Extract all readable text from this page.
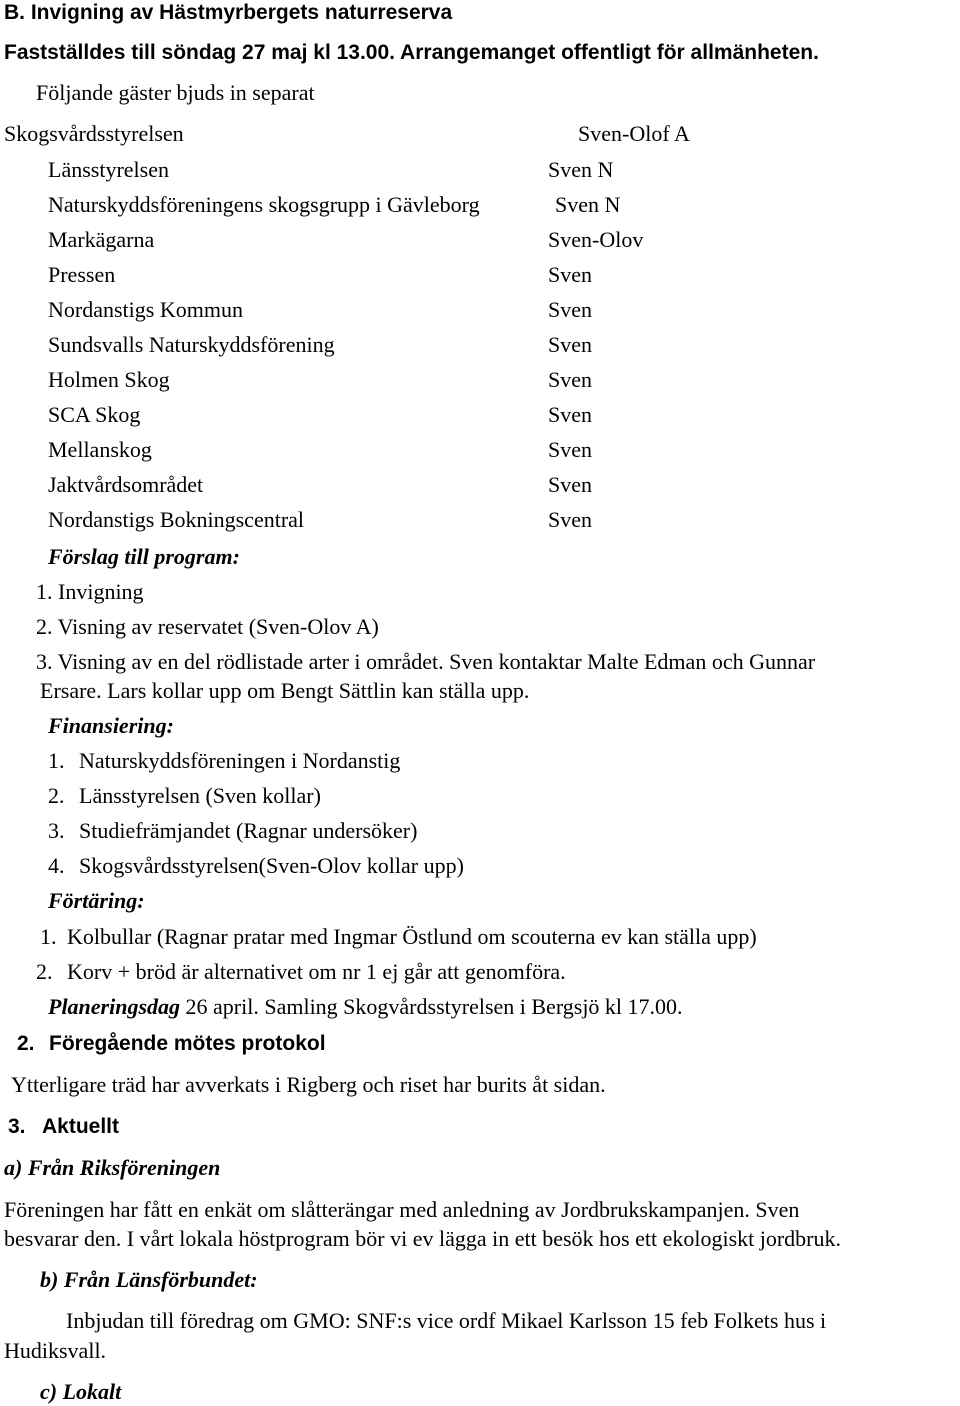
B. Invigning av Hästmyrbergets naturreserva
Fastställdes till söndag 27 maj kl 13.00. Arrangemanget offentligt för allmänheten.
Följande gäster bjuds in separat
Skogsvårdsstyrelsen	Sven-Olof A
Länsstyrelsen	Sven N
Naturskyddsföreningens skogsgrupp i Gävleborg	Sven N
Markägarna	Sven-Olov
Pressen	Sven
Nordanstigs Kommun	Sven
Sundsvalls Naturskyddsförening	Sven
Holmen Skog	Sven
SCA Skog	Sven
Mellanskog	Sven
Jaktvårdsområdet	Sven
Nordanstigs Bokningscentral	Sven
Förslag till program:
1. Invigning
2. Visning av reservatet (Sven-Olov A)
3. Visning av en del rödlistade arter i området. Sven kontaktar Malte Edman och Gunnar
Ersare. Lars kollar upp om Bengt Sättlin kan ställa upp.
Finansiering:
1. Naturskyddsföreningen i Nordanstig
2. Länsstyrelsen (Sven kollar)
3. Studiefrämjandet (Ragnar undersöker)
4. Skogsvårdsstyrelsen(Sven-Olov kollar upp)
Förtäring:
1. Kolbullar (Ragnar pratar med Ingmar Östlund om scouterna ev kan ställa upp)
2. Korv + bröd är alternativet om nr 1 ej går att genomföra.
Planeringsdag 26 april. Samling Skogvårdsstyrelsen i Bergsjö kl 17.00.
2. Föregående mötes protokol
Ytterligare träd har avverkats i Rigberg och riset har burits åt sidan.
3. Aktuellt
a) Från Riksföreningen
Föreningen har fått en enkät om slåtterängar med anledning av Jordbrukskampanjen. Sven
besvarar den. I vårt lokala höstprogram bör vi ev lägga in ett besök hos ett ekologiskt jordbruk.
b) Från Länsförbundet:
Inbjudan till föredrag om GMO: SNF:s vice ordf Mikael Karlsson 15 feb Folkets hus i
Hudiksvall.
c) Lokalt
